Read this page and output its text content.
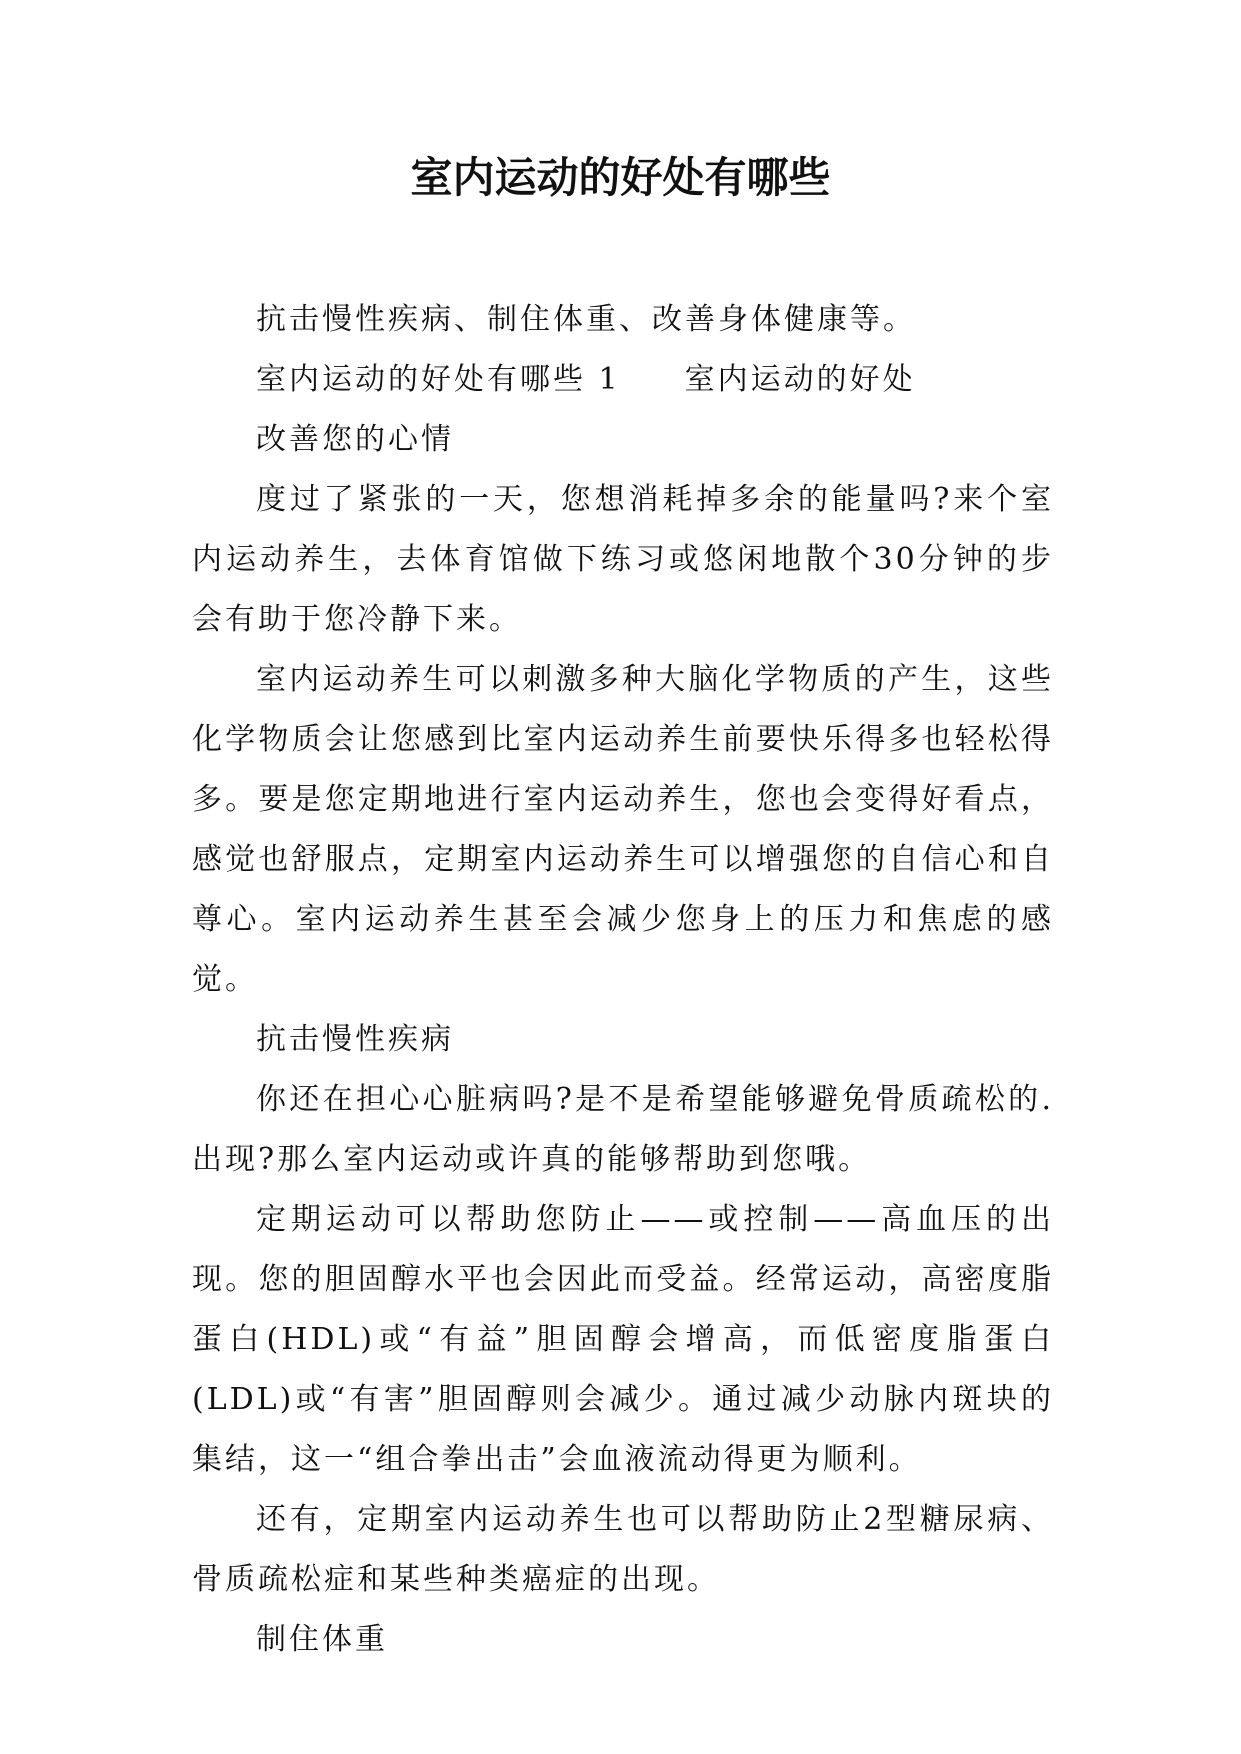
室内运动的好处有哪些

抗击慢性疾病、制住体重、改善身体健康等。

室内运动的好处有哪些 1 室内运动的好处

改善您的心情

度过了紧张的一天，您想消耗掉多余的能量吗?来个室内运动养生，去体育馆做下练习或悠闲地散个30分钟的步会有助于您冷静下来。

室内运动养生可以刺激多种大脑化学物质的产生，这些化学物质会让您感到比室内运动养生前要快乐得多也轻松得多。要是您定期地进行室内运动养生，您也会变得好看点，感觉也舒服点，定期室内运动养生可以增强您的自信心和自尊心。室内运动养生甚至会减少您身上的压力和焦虑的感觉。

抗击慢性疾病

你还在担心心脏病吗?是不是希望能够避免骨质疏松的.出现?那么室内运动或许真的能够帮助到您哦。

定期运动可以帮助您防止——或控制——高血压的出现。您的胆固醇水平也会因此而受益。经常运动，高密度脂蛋白(HDL)或“有益”胆固醇会增高，而低密度脂蛋白(LDL)或“有害”胆固醇则会减少。通过减少动脉内斑块的集结，这一“组合拳出击”会血液流动得更为顺利。

还有，定期室内运动养生也可以帮助防止2型糖尿病、骨质疏松症和某些种类癌症的出现。

制住体重
